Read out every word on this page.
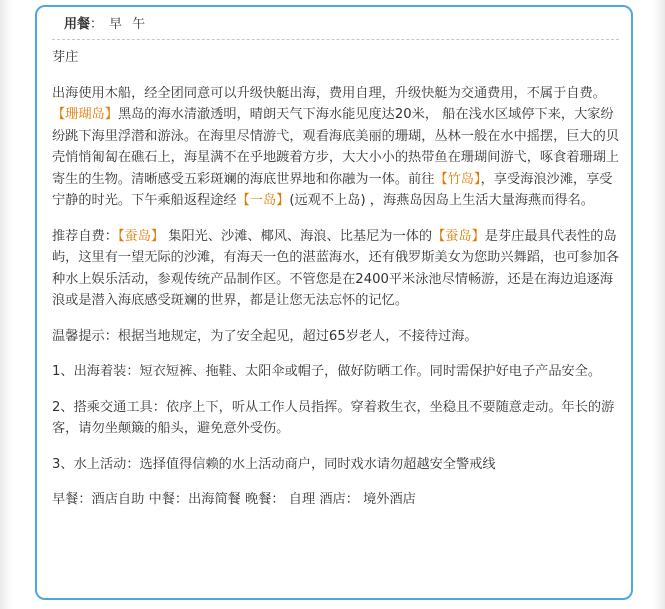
用餐： 早 午

芽庄

出海使用木船，经全团同意可以升级快艇出海，费用自理，升级快艇为交通费用，不属于自费。【珊瑚岛】黑岛的海水清澈透明，晴朗天气下海水能见度达20米， 船在浅水区域停下来，大家纷纷跳下海里浮潜和游泳。在海里尽情游弋，观看海底美丽的珊瑚，丛林一般在水中摇摆，巨大的贝壳悄悄匍匐在礁石上，海星满不在乎地踱着方步，大大小小的热带鱼在珊瑚间游弋，啄食着珊瑚上寄生的生物。清晰感受五彩斑斓的海底世界地和你融为一体。前往【竹岛】，享受海浪沙滩，享受宁静的时光。下午乘船返程途经【一岛】(远观不上岛) ，海燕岛因岛上生活大量海燕而得名。

推荐自费：【蚕岛】 集阳光、沙滩、椰风、海浪、比基尼为一体的【蚕岛】是芽庄最具代表性的岛屿，这里有一望无际的沙滩，有海天一色的湛蓝海水，还有俄罗斯美女为您助兴舞蹈，也可参加各种水上娱乐活动，参观传统产品制作区。不管您是在2400平米泳池尽情畅游，还是在海边追逐海浪或是潜入海底感受斑斓的世界，都是让您无法忘怀的记忆。

温馨提示：根据当地规定，为了安全起见，超过65岁老人，不接待过海。

1、出海着装：短衣短裤、拖鞋、太阳伞或帽子，做好防晒工作。同时需保护好电子产品安全。

2、搭乘交通工具：依序上下，听从工作人员指挥。穿着救生衣，坐稳且不要随意走动。年长的游客，请勿坐颠簸的船头，避免意外受伤。

3、水上活动：选择值得信赖的水上活动商户，同时戏水请勿超越安全警戒线

早餐：酒店自助 中餐：出海简餐 晚餐： 自理 酒店： 境外酒店
